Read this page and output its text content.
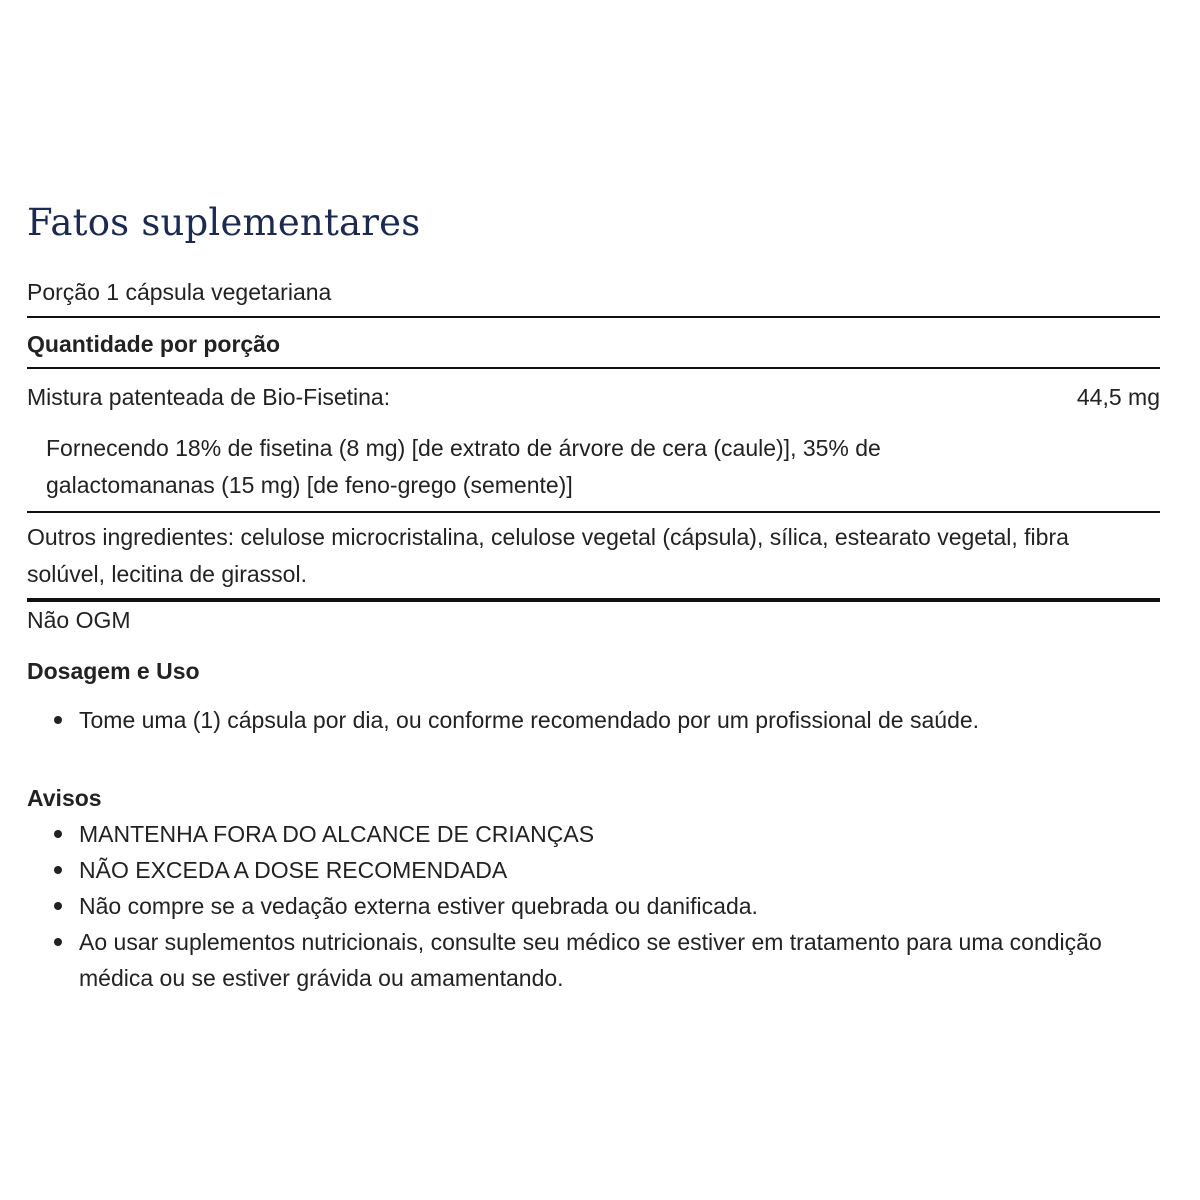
Fatos suplementares
Porção 1 cápsula vegetariana
Quantidade por porção
Mistura patenteada de Bio-Fisetina:	44,5 mg
Fornecendo 18% de fisetina (8 mg) [de extrato de árvore de cera (caule)], 35% de galactomananas (15 mg) [de feno-grego (semente)]
Outros ingredientes: celulose microcristalina, celulose vegetal (cápsula), sílica, estearato vegetal, fibra solúvel, lecitina de girassol.
Não OGM
Dosagem e Uso
Tome uma (1) cápsula por dia, ou conforme recomendado por um profissional de saúde.
Avisos
MANTENHA FORA DO ALCANCE DE CRIANÇAS
NÃO EXCEDA A DOSE RECOMENDADA
Não compre se a vedação externa estiver quebrada ou danificada.
Ao usar suplementos nutricionais, consulte seu médico se estiver em tratamento para uma condição médica ou se estiver grávida ou amamentando.
